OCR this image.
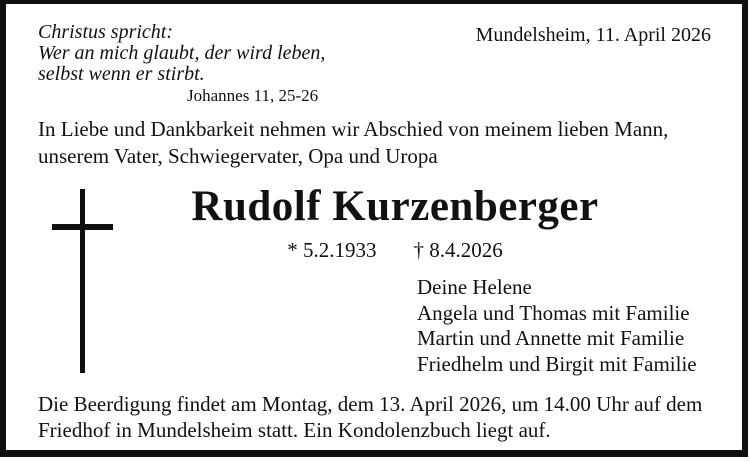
Christus spricht:
Wer an mich glaubt, der wird leben,
selbst wenn er stirbt.
Johannes 11, 25-26
Mundelsheim, 11. April 2026
In Liebe und Dankbarkeit nehmen wir Abschied von meinem lieben Mann,
unserem Vater, Schwiegervater, Opa und Uropa
Rudolf Kurzenberger
* 5.2.1933 † 8.4.2026
Deine Helene
Angela und Thomas mit Familie
Martin und Annette mit Familie
Friedhelm und Birgit mit Familie
Die Beerdigung findet am Montag, dem 13. April 2026, um 14.00 Uhr auf dem
Friedhof in Mundelsheim statt. Ein Kondolenzbuch liegt auf.
